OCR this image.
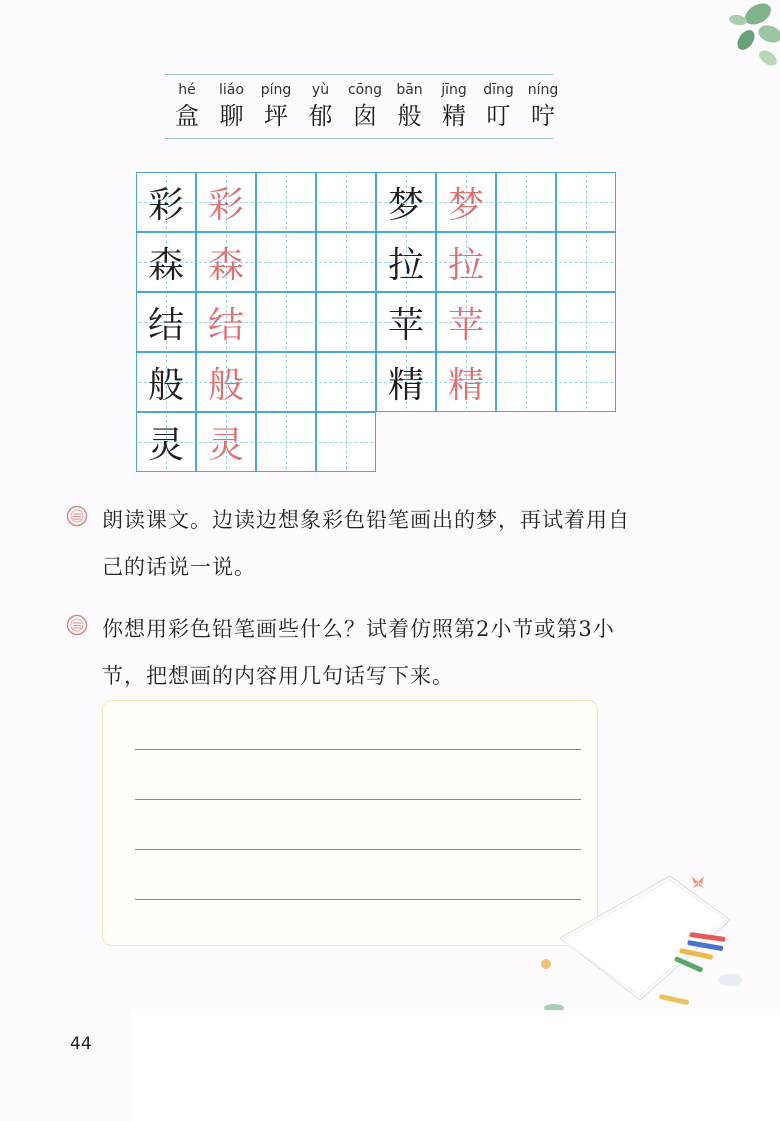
hé
盒
liáo
聊
píng
坪
yù
郁
cōng
囱
bān
般
jīng
精
dīng
叮
níng
咛
彩 彩
森 森
结 结
般 般
灵 灵
梦 梦
拉 拉
苹 苹
精 精
朗读课文。边读边想象彩色铅笔画出的梦，再试着用自
己的话说一说。
你想用彩色铅笔画些什么？试着仿照第2小节或第3小
节，把想画的内容用几句话写下来。
44
